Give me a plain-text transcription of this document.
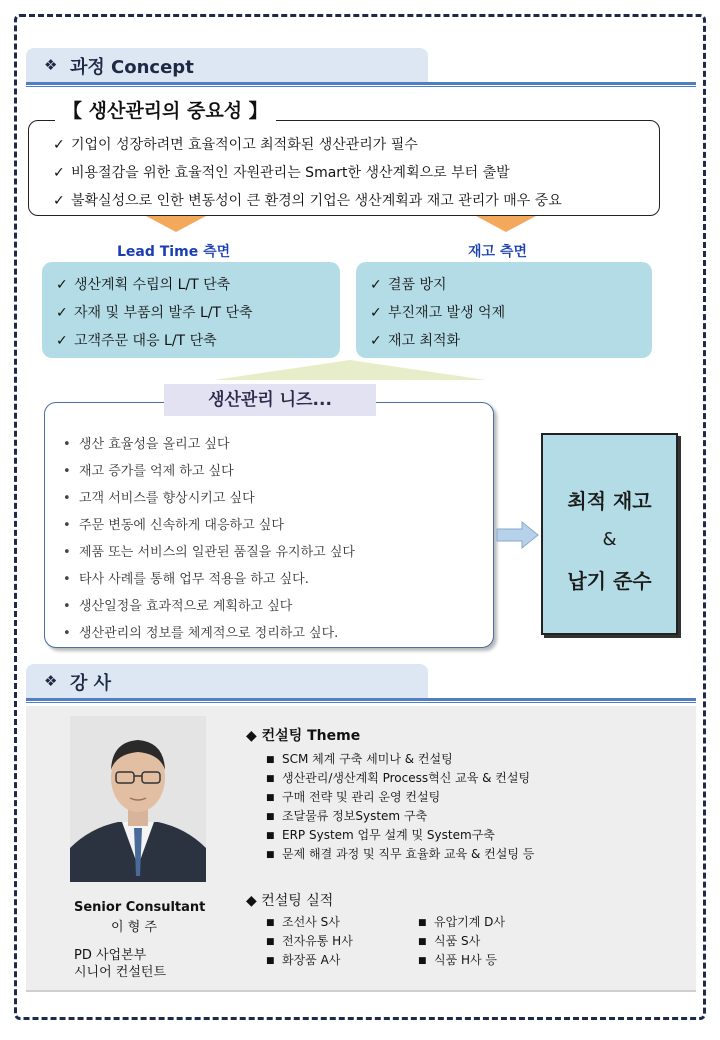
❖ 과정 Concept
【 생산관리의 중요성 】
✓ 기업이 성장하려면 효율적이고 최적화된 생산관리가 필수
✓ 비용절감을 위한 효율적인 자원관리는 Smart한 생산계획으로 부터 출발
✓ 불확실성으로 인한 변동성이 큰 환경의 기업은 생산계획과 재고 관리가 매우 중요
Lead Time 측면	재고 측면
✓ 생산계획 수립의 L/T 단축
✓ 자재 및 부품의 발주 L/T 단축
✓ 고객주문 대응 L/T 단축
✓ 결품 방지
✓ 부진재고 발생 억제
✓ 재고 최적화
생산관리 니즈...
• 생산 효율성을 올리고 싶다
• 재고 증가를 억제 하고 싶다
• 고객 서비스를 향상시키고 싶다
• 주문 변동에 신속하게 대응하고 싶다
• 제품 또는 서비스의 일관된 품질을 유지하고 싶다
• 타사 사례를 통해 업무 적용을 하고 싶다.
• 생산일정을 효과적으로 계획하고 싶다
• 생산관리의 정보를 체계적으로 정리하고 싶다.
최적 재고
&
납기 준수
❖ 강 사
Senior Consultant
이 형 주
PD 사업본부
시니어 컨설턴트
◆ 컨설팅 Theme
■ SCM 체계 구축 세미나 & 컨설팅
■ 생산관리/생산계획 Process혁신 교육 & 컨설팅
■ 구매 전략 및 관리 운영 컨설팅
■ 조달물류 정보System 구축
■ ERP System 업무 설계 및 System구축
■ 문제 해결 과정 및 직무 효율화 교육 & 컨설팅 등
◆ 컨설팅 실적
■ 조선사 S사
■ 전자유통 H사
■ 화장품 A사
■ 유압기계 D사
■ 식품 S사
■ 식품 H사 등
